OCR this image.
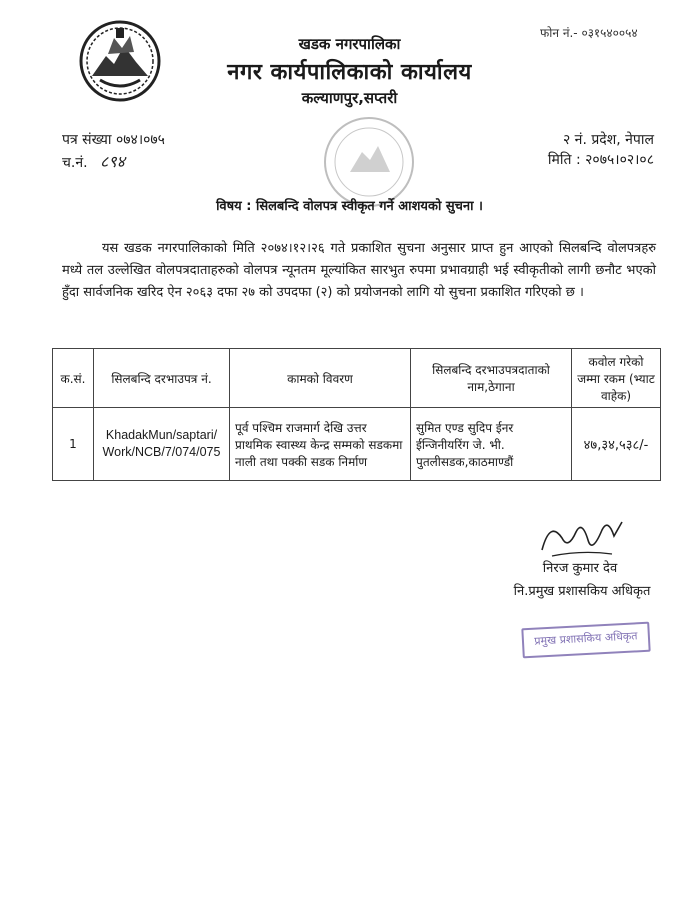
फोन नं.- ०३१५४००५४
खडक नगरपालिका
नगर कार्यपालिकाको कार्यालय
कल्याणपुर,सप्तरी
पत्र संख्या ०७४।०७५
च.नं. ८९४
२ नं. प्रदेश, नेपाल
मिति : २०७५।०२।०८
विषय : सिलबन्दि वोलपत्र स्वीकृत गर्ने आशयको सुचना ।
यस खडक नगरपालिकाको मिति २०७४।१२।२६ गते प्रकाशित सुचना अनुसार प्राप्त हुन आएको सिलबन्दि वोलपत्रहरु मध्ये तल उल्लेखित वोलपत्रदाताहरुको वोलपत्र न्यूनतम मूल्यांकित सारभुत रुपमा प्रभावग्राही भई स्वीकृतीको लागी छनौट भएको हुँदा सार्वजनिक खरिद ऐन २०६३ दफा २७ को उपदफा (२) को प्रयोजनको लागि यो सुचना प्रकाशित गरिएको छ ।
क.सं.	सिलबन्दि दरभाउपत्र नं.	कामको विवरण	सिलबन्दि दरभाउपत्रदाताको नाम,ठेगाना	कवोल गरेको जम्मा रकम (भ्याट वाहेक)
1	KhadakMun/saptari/ Work/NCB/7/074/075	पूर्व पश्चिम राजमार्ग देखि उत्तर प्राथमिक स्वास्थ्य केन्द्र सम्मको सडकमा नाली तथा पक्की सडक निर्माण	सुमित एण्ड सुदिप ईनर ईन्जिनीयरिंग जे. भी. पुतलीसडक,काठमाण्डौं	४७,३४,५३८/-
निरज कुमार देव
नि.प्रमुख प्रशासकिय अधिकृत
प्रमुख प्रशासकिय अधिकृत
